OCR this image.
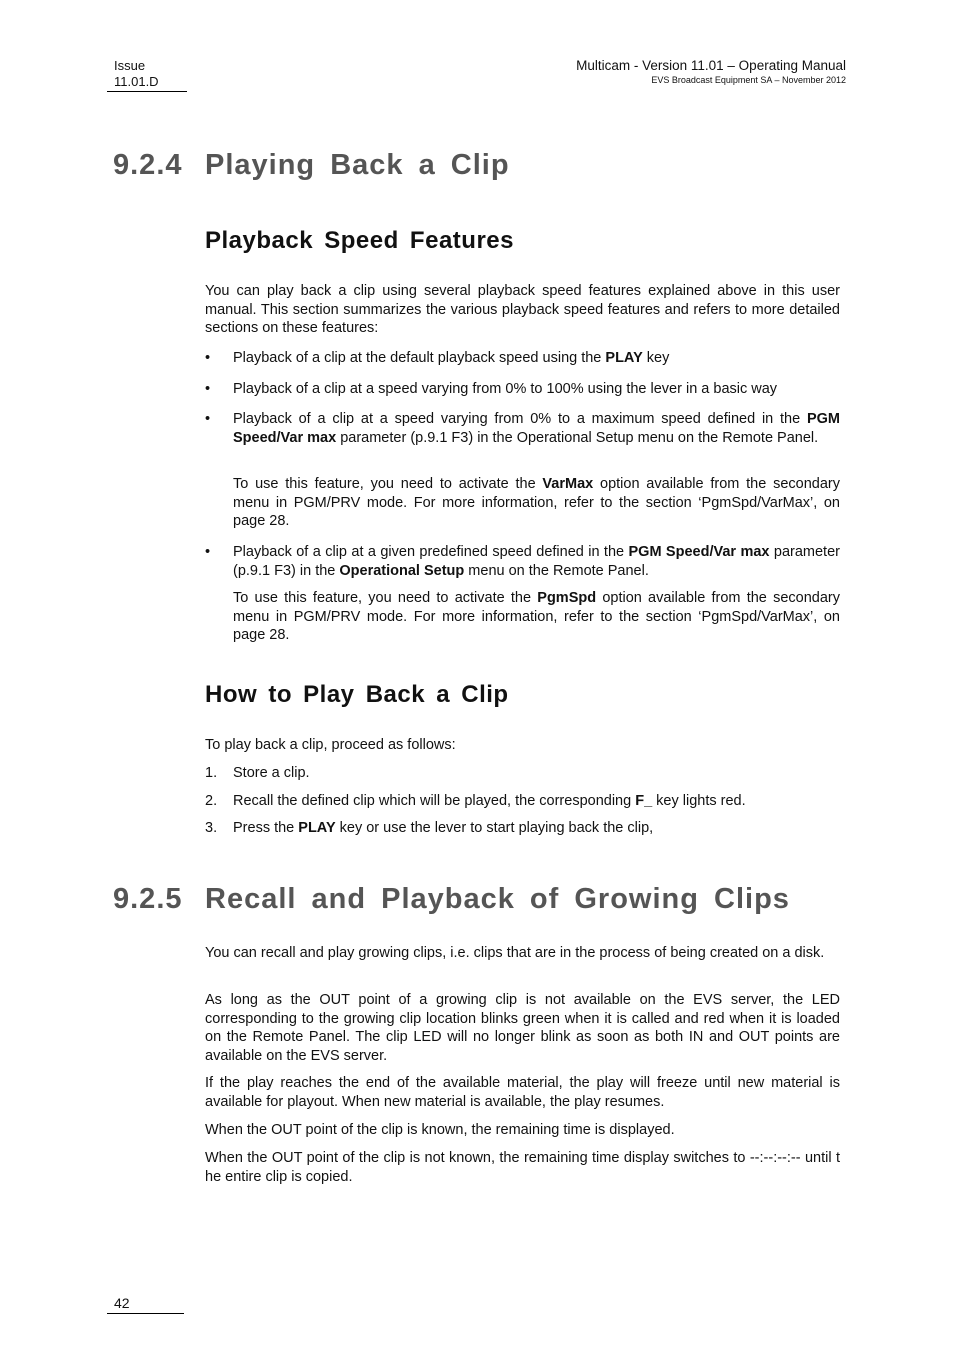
Issue
11.01.D
Multicam - Version 11.01 – Operating Manual
EVS Broadcast Equipment SA – November 2012
9.2.4 Playing Back a Clip
Playback Speed Features
You can play back a clip using several playback speed features explained above in this user manual. This section summarizes the various playback speed features and refers to more detailed sections on these features:
• Playback of a clip at the default playback speed using the PLAY key
• Playback of a clip at a speed varying from 0% to 100% using the lever in a basic way
• Playback of a clip at a speed varying from 0% to a maximum speed defined in the PGM Speed/Var max parameter (p.9.1 F3) in the Operational Setup menu on the Remote Panel.
To use this feature, you need to activate the VarMax option available from the secondary menu in PGM/PRV mode. For more information, refer to the section ‘PgmSpd/VarMax’, on page 28.
• Playback of a clip at a given predefined speed defined in the PGM Speed/Var max parameter (p.9.1 F3) in the Operational Setup menu on the Remote Panel.
To use this feature, you need to activate the PgmSpd option available from the secondary menu in PGM/PRV mode. For more information, refer to the section ‘PgmSpd/VarMax’, on page 28.
How to Play Back a Clip
To play back a clip, proceed as follows:
1. Store a clip.
2. Recall the defined clip which will be played, the corresponding F_ key lights red.
3. Press the PLAY key or use the lever to start playing back the clip,
9.2.5 Recall and Playback of Growing Clips
You can recall and play growing clips, i.e. clips that are in the process of being created on a disk.
As long as the OUT point of a growing clip is not available on the EVS server, the LED corresponding to the growing clip location blinks green when it is called and red when it is loaded on the Remote Panel. The clip LED will no longer blink as soon as both IN and OUT points are available on the EVS server.
If the play reaches the end of the available material, the play will freeze until new material is available for playout. When new material is available, the play resumes.
When the OUT point of the clip is known, the remaining time is displayed.
When the OUT point of the clip is not known, the remaining time display switches to --:--:--:-- until the entire clip is copied.
42
